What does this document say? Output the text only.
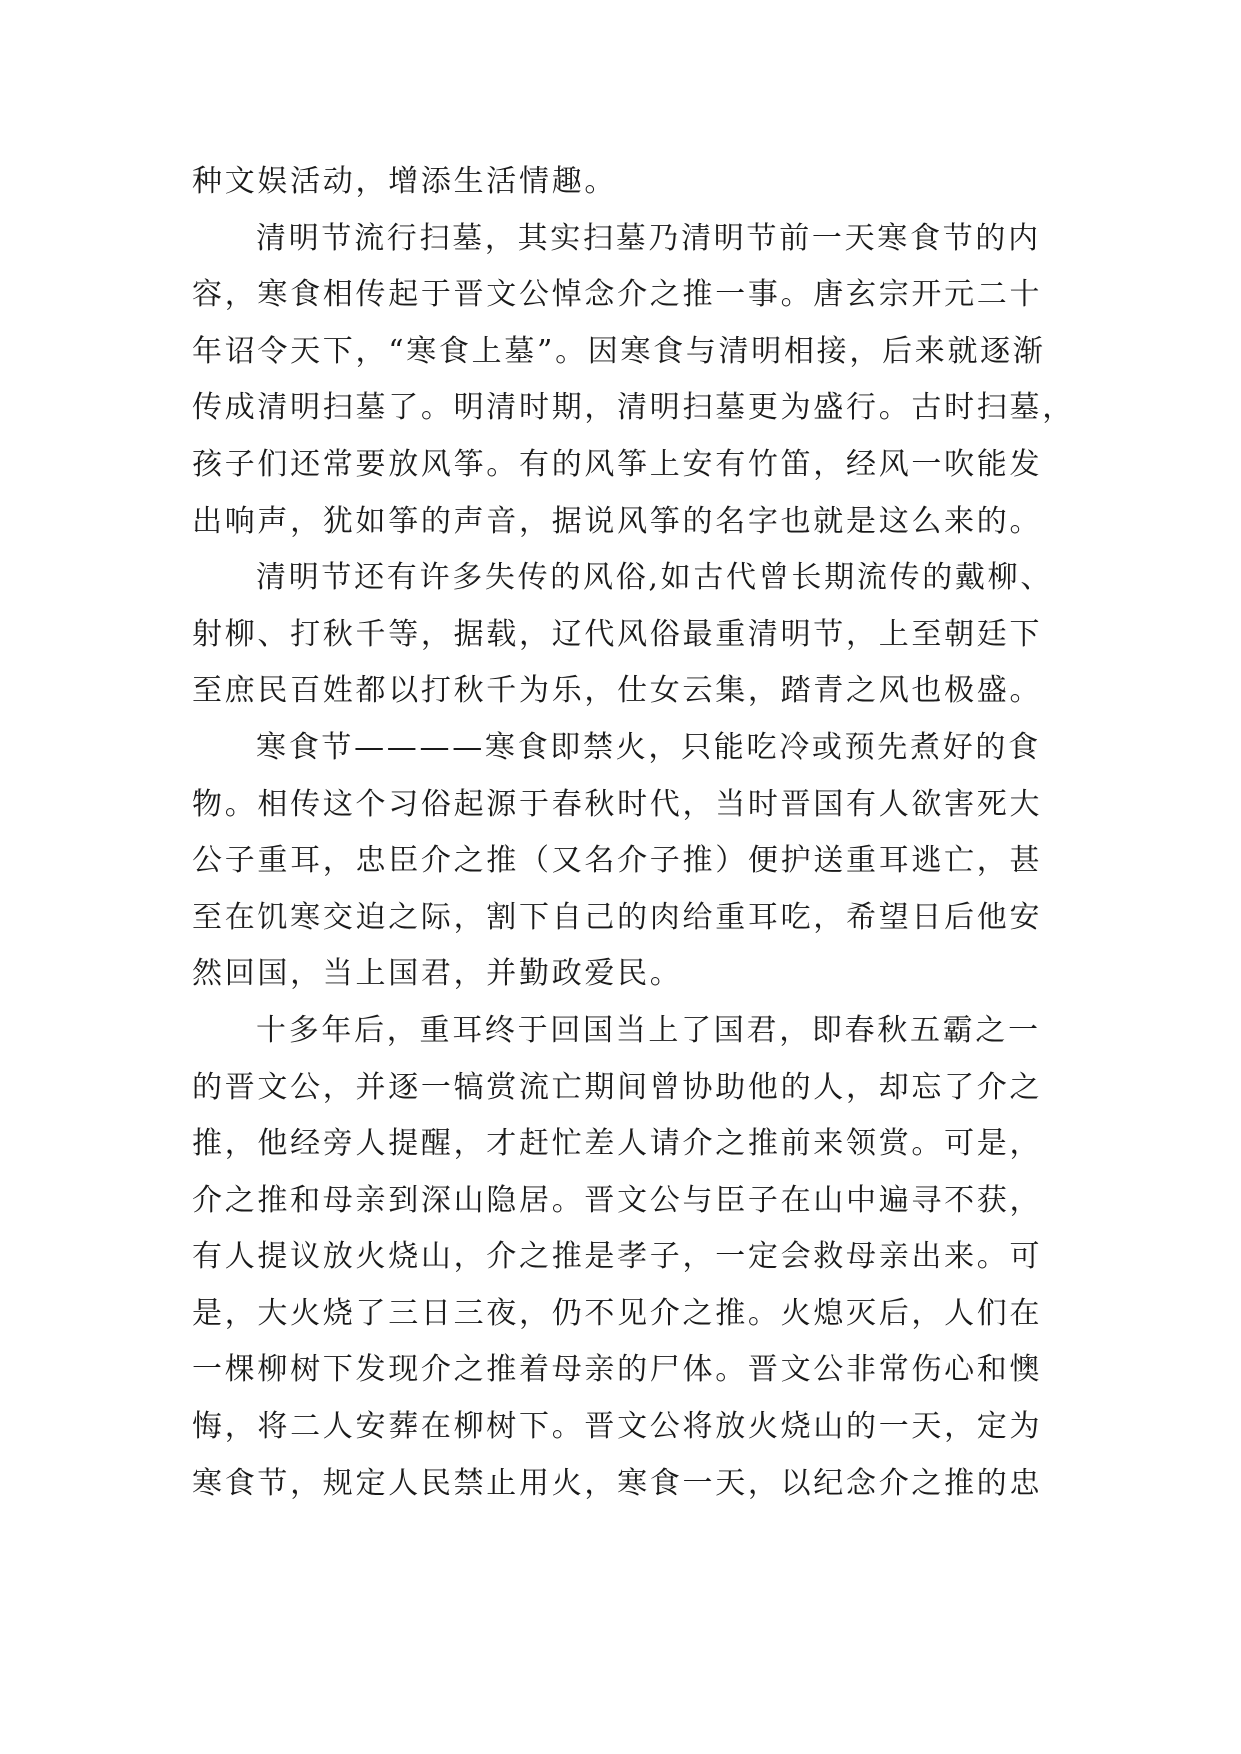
种文娱活动，增添生活情趣。
清明节流行扫墓，其实扫墓乃清明节前一天寒食节的内
容，寒食相传起于晋文公悼念介之推一事。唐玄宗开元二十
年诏令天下，“寒食上墓”。因寒食与清明相接，后来就逐渐
传成清明扫墓了。明清时期，清明扫墓更为盛行。古时扫墓，
孩子们还常要放风筝。有的风筝上安有竹笛，经风一吹能发
出响声，犹如筝的声音，据说风筝的名字也就是这么来的。
清明节还有许多失传的风俗,如古代曾长期流传的戴柳、
射柳、打秋千等，据载，辽代风俗最重清明节，上至朝廷下
至庶民百姓都以打秋千为乐，仕女云集，踏青之风也极盛。
寒食节————寒食即禁火，只能吃冷或预先煮好的食
物。相传这个习俗起源于春秋时代，当时晋国有人欲害死大
公子重耳，忠臣介之推（又名介子推）便护送重耳逃亡，甚
至在饥寒交迫之际，割下自己的肉给重耳吃，希望日后他安
然回国，当上国君，并勤政爱民。
十多年后，重耳终于回国当上了国君，即春秋五霸之一
的晋文公，并逐一犒赏流亡期间曾协助他的人，却忘了介之
推，他经旁人提醒，才赶忙差人请介之推前来领赏。可是，
介之推和母亲到深山隐居。晋文公与臣子在山中遍寻不获，
有人提议放火烧山，介之推是孝子，一定会救母亲出来。可
是，大火烧了三日三夜，仍不见介之推。火熄灭后，人们在
一棵柳树下发现介之推着母亲的尸体。晋文公非常伤心和懊
悔，将二人安葬在柳树下。晋文公将放火烧山的一天，定为
寒食节，规定人民禁止用火，寒食一天，以纪念介之推的忠
